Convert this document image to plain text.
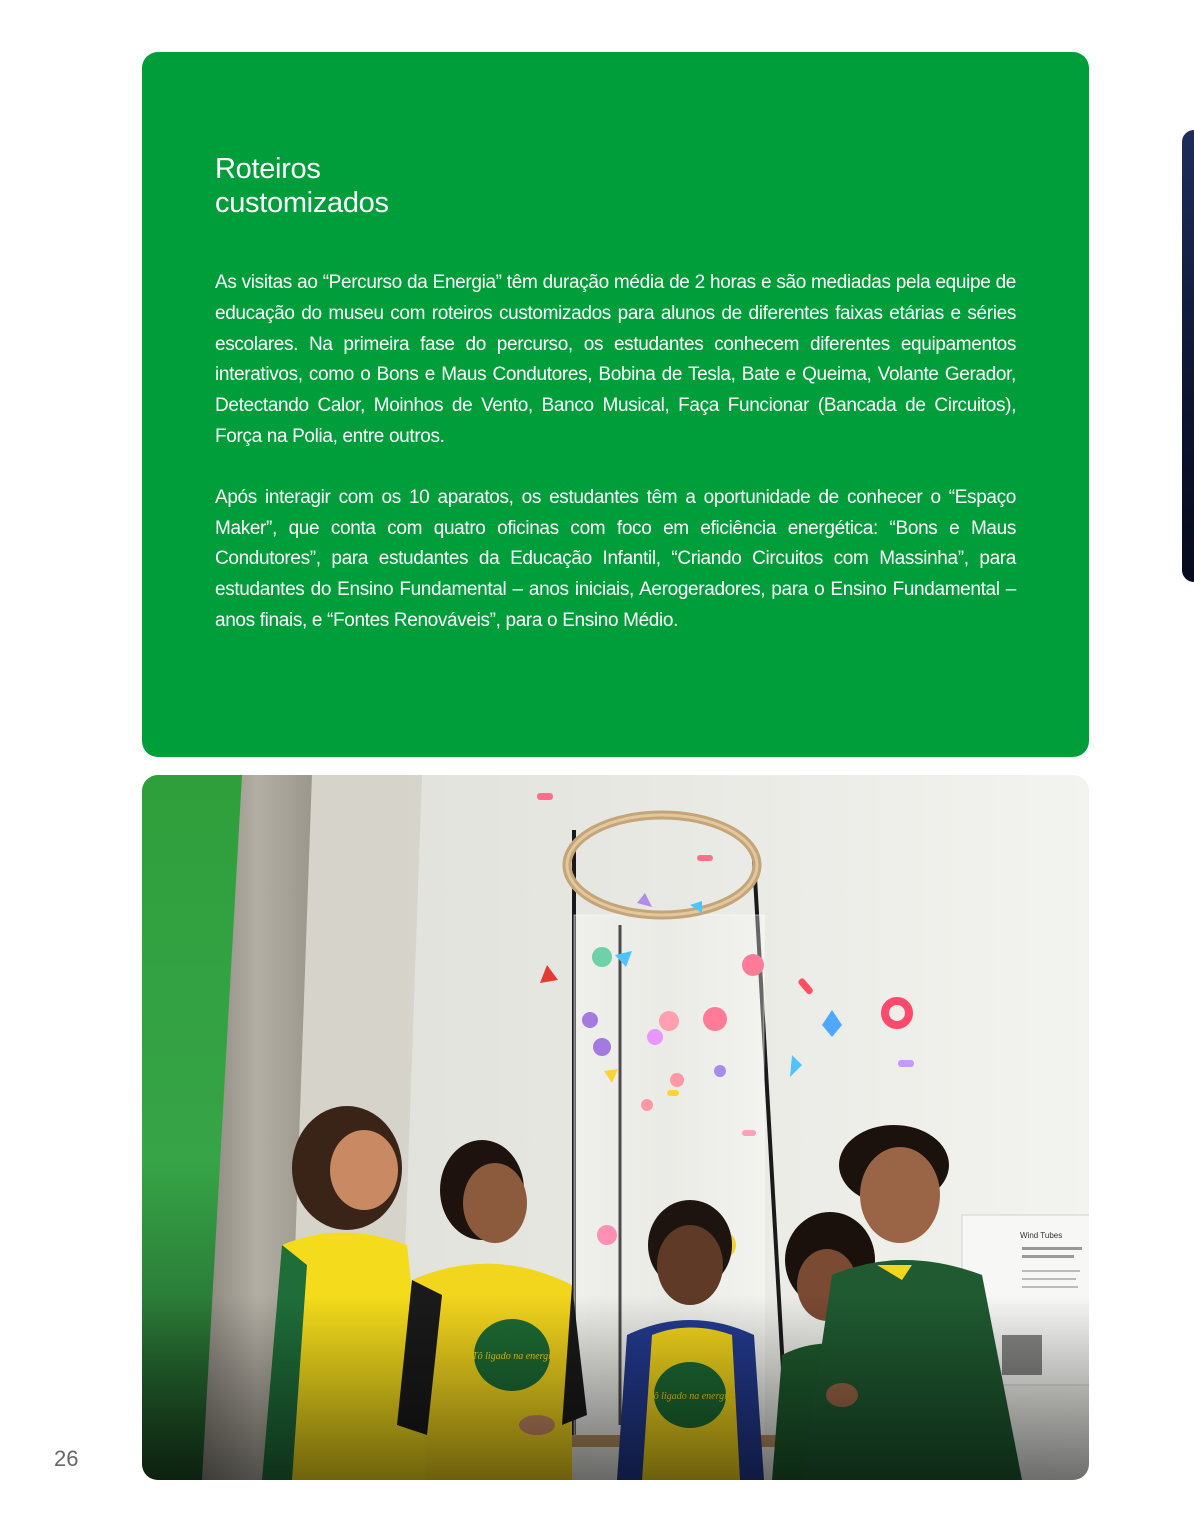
Roteiros
customizados

As visitas ao “Percurso da Energia” têm duração média de 2 horas e são mediadas pela equipe de educação do museu com roteiros customizados para alunos de diferentes faixas etárias e séries escolares. Na primeira fase do percurso, os estudantes conhecem diferentes equipamentos interativos, como o Bons e Maus Condutores, Bobina de Tesla, Bate e Queima, Volante Gerador, Detectando Calor, Moinhos de Vento, Banco Musical, Faça Funcionar (Bancada de Circuitos), Força na Polia, entre outros.

Após interagir com os 10 aparatos, os estudantes têm a oportunidade de conhecer o “Espaço Maker”, que conta com quatro oficinas com foco em eficiência energética: “Bons e Maus Condutores”, para estudantes da Educação Infantil, “Criando Circuitos com Massinha”, para estudantes do Ensino Fundamental – anos iniciais, Aerogeradores, para o Ensino Fundamental – anos finais, e “Fontes Renováveis”, para o Ensino Médio.

Wind Tubes
26
